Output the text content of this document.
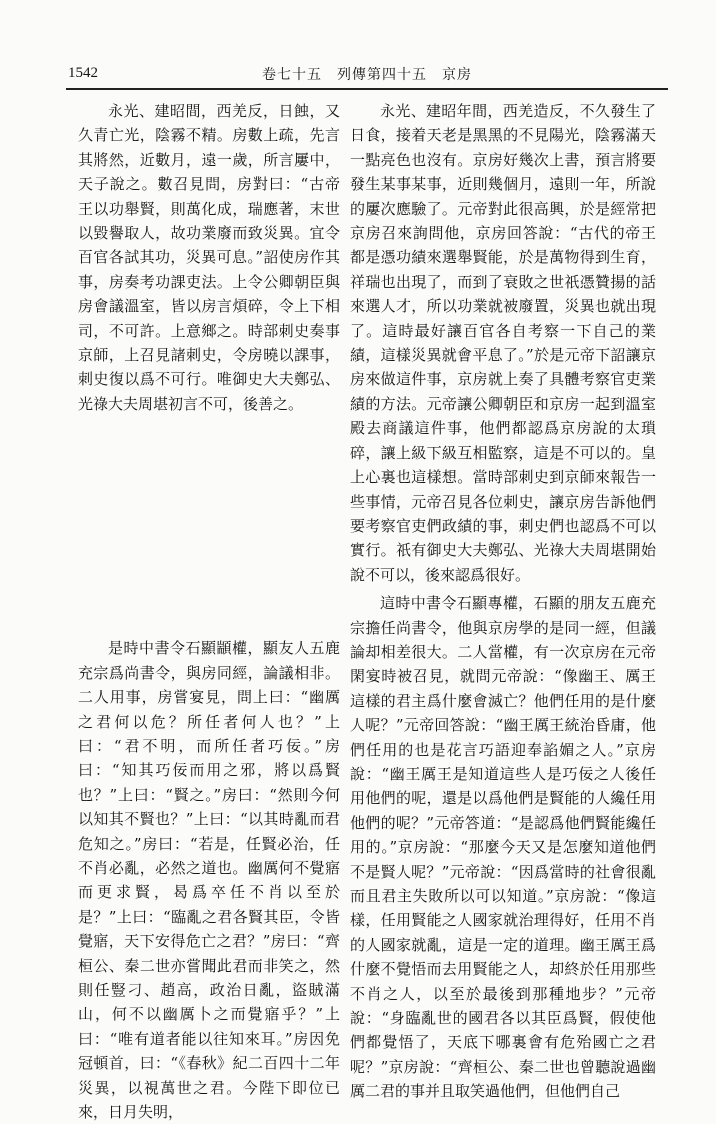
1542	卷七十五　列傳第四十五　京房

永光、建昭間，西羌反，日蝕，又久青亡光，陰霧不精。房數上疏，先言其將然，近數月，遠一歲，所言屢中，天子說之。數召見問，房對曰：“古帝王以功舉賢，則萬化成，瑞應著，末世以毀譽取人，故功業廢而致災異。宜令百官各試其功，災異可息。”詔使房作其事，房奏考功課吏法。上令公卿朝臣與房會議溫室，皆以房言煩碎，令上下相司，不可許。上意鄉之。時部刺史奏事京師，上召見諸刺史，令房曉以課事，刺史復以爲不可行。唯御史大夫鄭弘、光祿大夫周堪初言不可，後善之。

是時中書令石顯顓權，顯友人五鹿充宗爲尚書令，與房同經，論議相非。二人用事，房嘗宴見，問上曰：“幽厲之君何以危？所任者何人也？”上曰：“君不明，而所任者巧佞。”房曰：“知其巧佞而用之邪，將以爲賢也？”上曰：“賢之。”房曰：“然則今何以知其不賢也？”上曰：“以其時亂而君危知之。”房曰：“若是，任賢必治，任不肖必亂，必然之道也。幽厲何不覺寤而更求賢，曷爲卒任不肖以至於是？”上曰：“臨亂之君各賢其臣，令皆覺寤，天下安得危亡之君？”房曰：“齊桓公、秦二世亦嘗聞此君而非笑之，然則任豎刁、趙高，政治日亂，盜賊滿山，何不以幽厲卜之而覺寤乎？”上曰：“唯有道者能以往知來耳。”房因免冠頓首，曰：“《春秋》紀二百四十二年災異，以視萬世之君。今陛下即位已來，日月失明，

永光、建昭年間，西羌造反，不久發生了日食，接着天老是黑黑的不見陽光，陰霧滿天一點亮色也沒有。京房好幾次上書，預言將要發生某事某事，近則幾個月，遠則一年，所說的屢次應驗了。元帝對此很高興，於是經常把京房召來詢問他，京房回答說：“古代的帝王都是憑功績來選舉賢能，於是萬物得到生育，祥瑞也出現了，而到了衰敗之世祇憑贊揚的話來選人才，所以功業就被廢置，災異也就出現了。這時最好讓百官各自考察一下自己的業績，這樣災異就會平息了。”於是元帝下詔讓京房來做這件事，京房就上奏了具體考察官吏業績的方法。元帝讓公卿朝臣和京房一起到溫室殿去商議這件事，他們都認爲京房說的太瑣碎，讓上級下級互相監察，這是不可以的。皇上心裏也這樣想。當時部刺史到京師來報告一些事情，元帝召見各位刺史，讓京房告訴他們要考察官吏們政績的事，刺史們也認爲不可以實行。祇有御史大夫鄭弘、光祿大夫周堪開始說不可以，後來認爲很好。

這時中書令石顯專權，石顯的朋友五鹿充宗擔任尚書令，他與京房學的是同一經，但議論却相差很大。二人當權，有一次京房在元帝閑宴時被召見，就問元帝說：“像幽王、厲王這樣的君主爲什麼會滅亡？他們任用的是什麼人呢？”元帝回答說：“幽王厲王統治昏庸，他們任用的也是花言巧語迎奉諂媚之人。”京房說：“幽王厲王是知道這些人是巧佞之人後任用他們的呢，還是以爲他們是賢能的人纔任用他們的呢？”元帝答道：“是認爲他們賢能纔任用的。”京房說：“那麼今天又是怎麼知道他們不是賢人呢？”元帝說：“因爲當時的社會很亂而且君主失敗所以可以知道。”京房說：“像這樣，任用賢能之人國家就治理得好，任用不肖的人國家就亂，這是一定的道理。幽王厲王爲什麼不覺悟而去用賢能之人，却終於任用那些不肖之人，以至於最後到那種地步？”元帝說：“身臨亂世的國君各以其臣爲賢，假使他們都覺悟了，天底下哪裏會有危殆國亡之君呢？”京房說：“齊桓公、秦二世也曾聽說過幽厲二君的事并且取笑過他們，但他們自己
